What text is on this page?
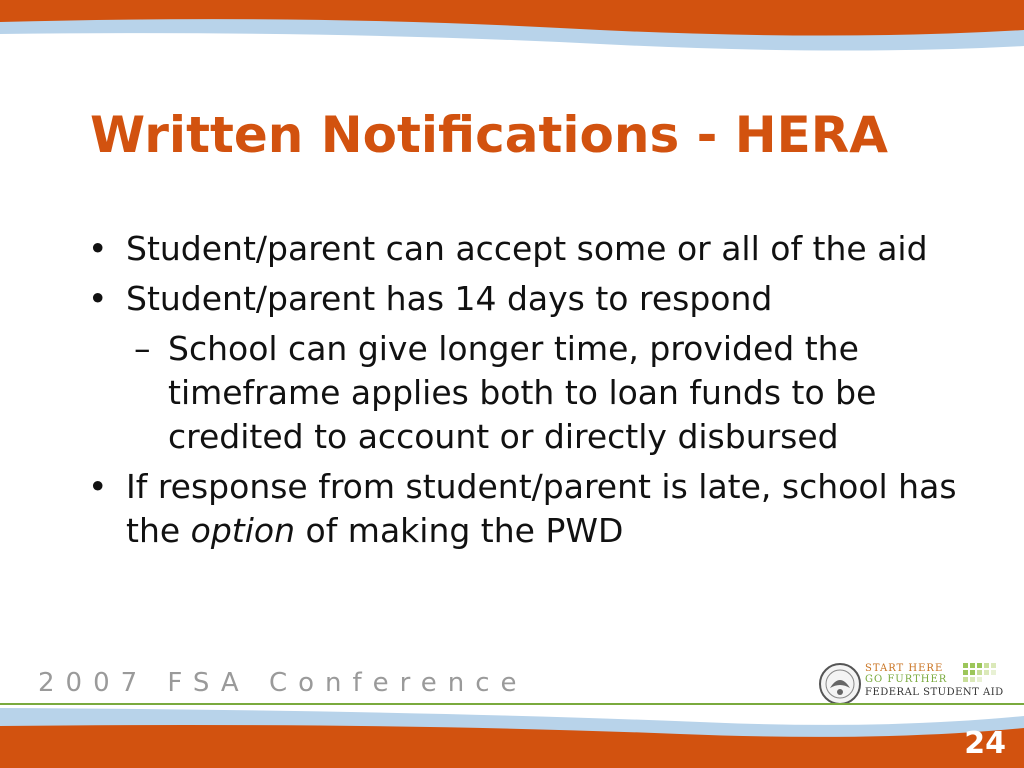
Written Notifications - HERA
• Student/parent can accept some or all of the aid
• Student/parent has 14 days to respond
– School can give longer time, provided the timeframe applies both to loan funds to be credited to account or directly disbursed
• If response from student/parent is late, school has the option of making the PWD
2007 FSA Conference	START HERE
GO FURTHER
FEDERAL STUDENT AID
24
